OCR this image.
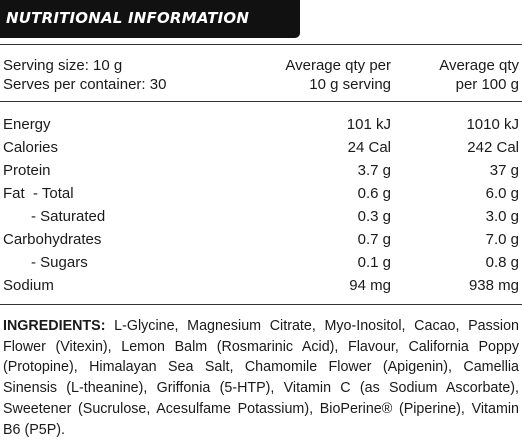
NUTRITIONAL INFORMATION
Serving size: 10 g
Serves per container: 30
Average qty per
10 g serving
Average qty
per 100 g
Energy	101 kJ	1010 kJ
Calories	24 Cal	242 Cal
Protein	3.7 g	37 g
Fat  - Total	0.6 g	6.0 g
- Saturated	0.3 g	3.0 g
Carbohydrates	0.7 g	7.0 g
- Sugars	0.1 g	0.8 g
Sodium	94 mg	938 mg
INGREDIENTS: L-Glycine, Magnesium Citrate, Myo-Inositol, Cacao, Passion Flower (Vitexin), Lemon Balm (Rosmarinic Acid), Flavour, California Poppy (Protopine), Himalayan Sea Salt, Chamomile Flower (Apigenin), Camellia Sinensis (L-theanine), Griffonia (5-HTP), Vitamin C (as Sodium Ascorbate), Sweetener (Sucrulose, Acesulfame Potassium), BioPerine® (Piperine), Vitamin B6 (P5P).
